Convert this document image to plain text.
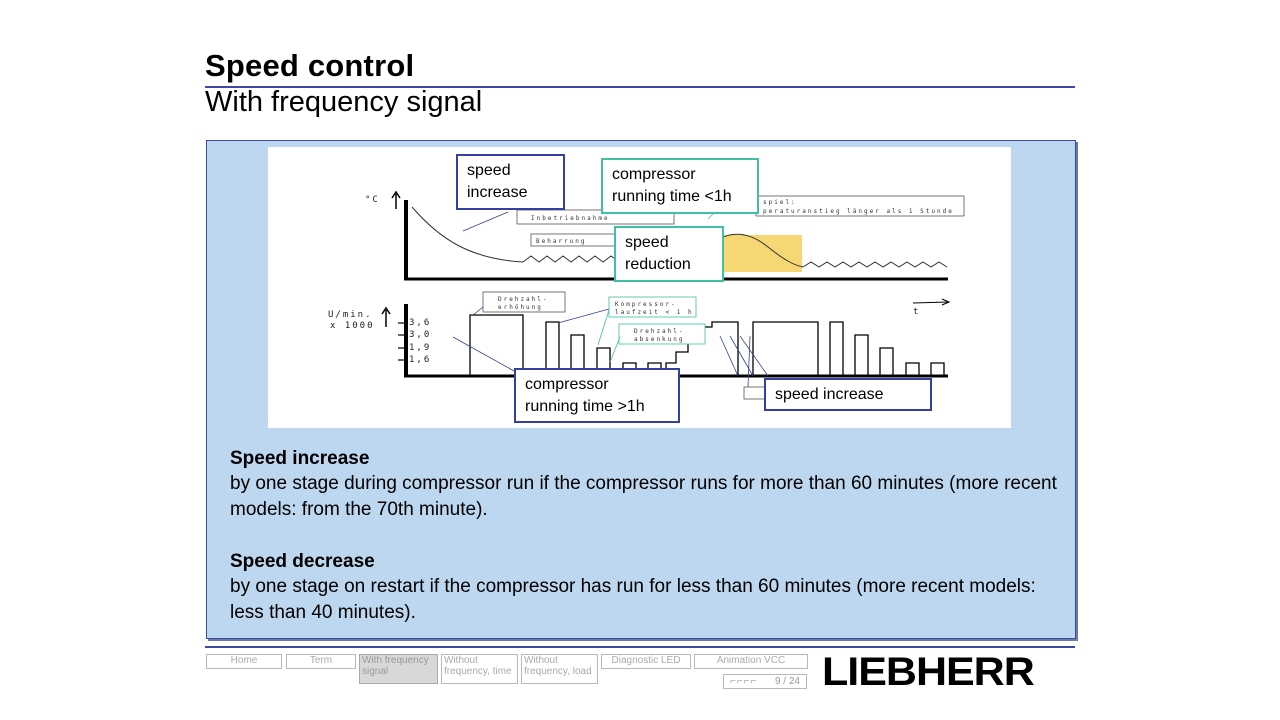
Speed control
With frequency signal
°C
Inbetriebnahme
Beharrung
spiel:
peraturanstieg länger als 1 Stunde
U/min.
x 1000	3,6
3,0
1,9
1,6
t
Drehzahl-
erhöhung	Kompressor-
laufzeit < 1 h
Drehzahl-
absenkung
speed
increase
compressor
running time <1h
speed
reduction
compressor
running time >1h
speed increase
Speed increase

by one stage during compressor run if the compressor runs for more than 60 minutes (more recent models: from the 70th minute).

Speed decrease

by one stage on restart if the compressor has run for less than 60 minutes (more recent models: less than 40 minutes).

Home	Term	With frequency signal
Without frequency, time
Without frequency, load
Diagnostic LED	Animation VCC
⌐⌐⌐⌐ 9 / 24 LIEBHERR
